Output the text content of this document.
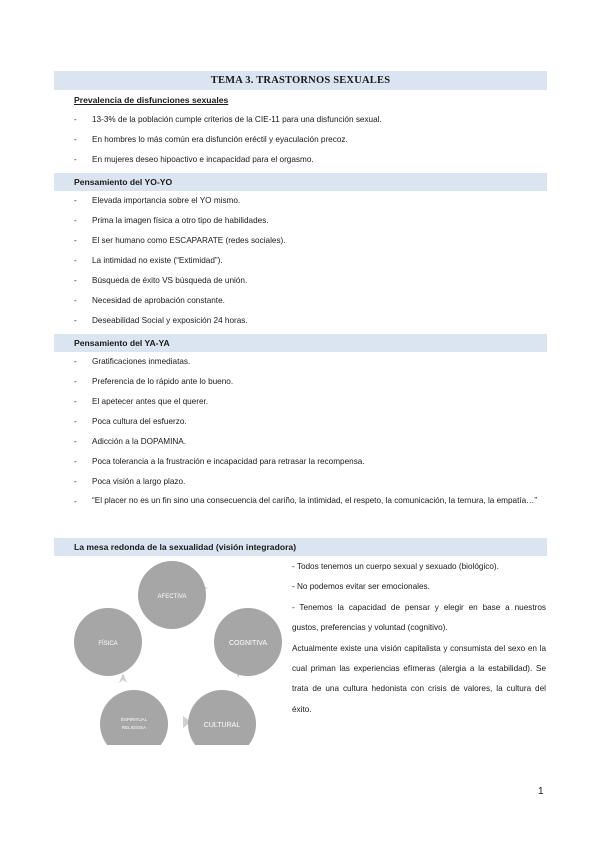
TEMA 3. TRASTORNOS SEXUALES
Prevalencia de disfunciones sexuales
- 13-3% de la población cumple criterios de la CIE-11 para una disfunción sexual.
- En hombres lo más común era disfunción eréctil y eyaculación precoz.
- En mujeres deseo hipoactivo e incapacidad para el orgasmo.
Pensamiento del YO-YO
- Elevada importancia sobre el YO mismo.
- Prima la imagen física a otro tipo de habilidades.
- El ser humano como ESCAPARATE (redes sociales).
- La intimidad no existe (“Extimidad”).
- Búsqueda de éxito VS búsqueda de unión.
- Necesidad de aprobación constante.
- Deseabilidad Social y exposición 24 horas.
Pensamiento del YA-YA
- Gratificaciones inmediatas.
- Preferencia de lo rápido ante lo bueno.
- El apetecer antes que el querer.
- Poca cultura del esfuerzo.
- Adicción a la DOPAMINA.
- Poca tolerancia a la frustración e incapacidad para retrasar la recompensa.
- Poca visión a largo plazo.
- “El placer no es un fin sino una consecuencia del cariño, la intimidad, el respeto, la comunicación, la ternura, la empatía…”
La mesa redonda de la sexualidad (visión integradora)
AFECTIVA
COGNITIVA
CULTURAL
ESPIRITUAL
RELIGIOSA
FÍSICA

- Todos tenemos un cuerpo sexual y sexuado (biológico).

- No podemos evitar ser emocionales.

- Tenemos la capacidad de pensar y elegir en base a nuestros gustos, preferencias y voluntad (cognitivo).

Actualmente existe una visión capitalista y consumista del sexo en la cual priman las experiencias efímeras (alergia a la estabilidad). Se trata de una cultura hedonista con crisis de valores, la cultura del éxito.

1
